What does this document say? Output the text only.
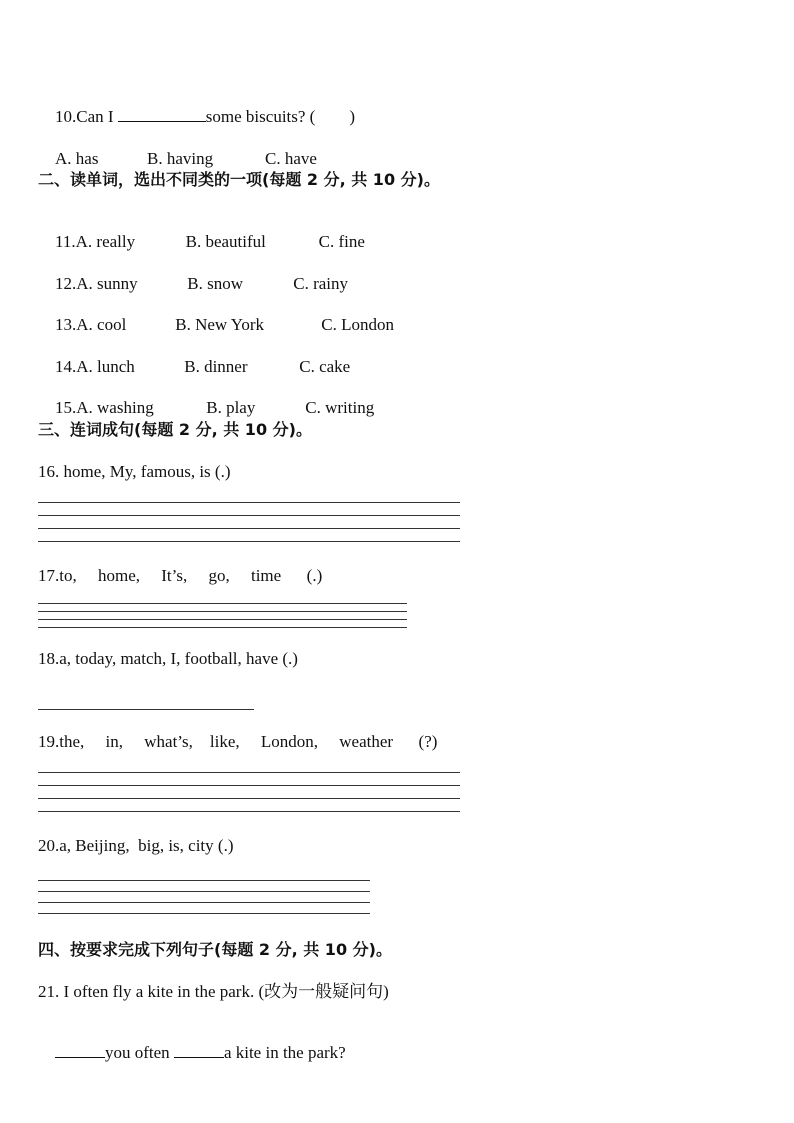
10.Can I	some biscuits? (        )

A. has	B. having	C. have

二、读单词，选出不同类的一项(每题 2 分, 共 10 分)。

11.A. really	B. beautiful	C. fine

12.A. sunny	B. snow	C. rainy

13.A. cool	B. New York	C. London

14.A. lunch	B. dinner	C. cake

15.A. washing	B. play	C. writing

三、连词成句(每题 2 分, 共 10 分)。
16. home, My, famous, is (.)
17.to,     home,     It’s,     go,     time      (.)
18.a, today, match, I, football, have (.)
19.the,     in,     what’s,    like,     London,     weather      (?)
20.a, Beijing,  big, is, city (.)
四、按要求完成下列句子(每题 2 分, 共 10 分)。
21. I often fly a kite in the park. (改为一般疑问句)

you often	a kite in the park?
